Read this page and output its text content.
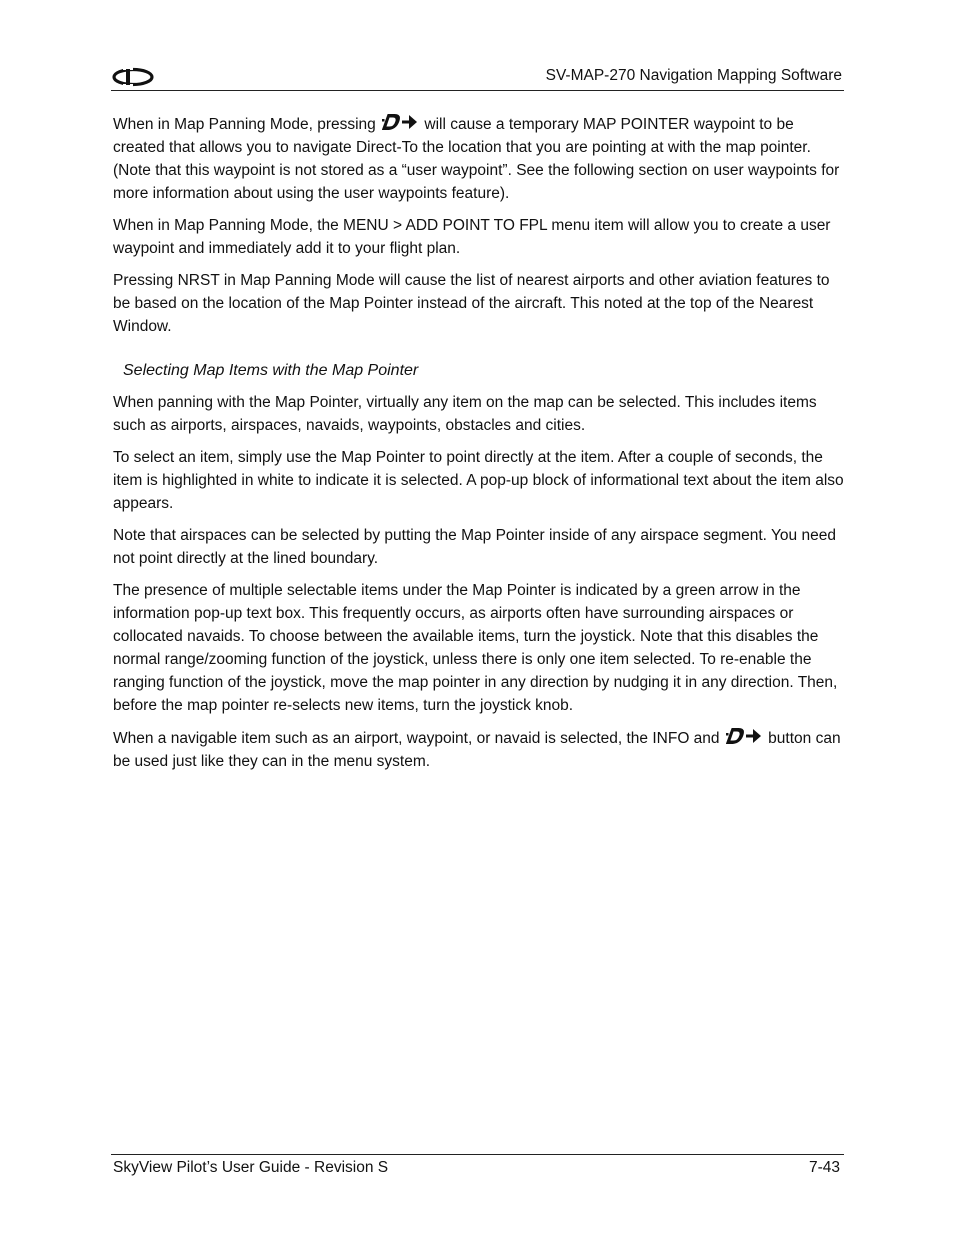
SV-MAP-270 Navigation Mapping Software

When in Map Panning Mode, pressing	will cause a temporary MAP POINTER waypoint to be created that allows you to navigate Direct-To the location that you are pointing at with the map pointer. (Note that this waypoint is not stored as a “user waypoint”. See the following section on user waypoints for more information about using the user waypoints feature).

When in Map Panning Mode, the MENU > ADD POINT TO FPL menu item will allow you to create a user waypoint and immediately add it to your flight plan.

Pressing NRST in Map Panning Mode will cause the list of nearest airports and other aviation features to be based on the location of the Map Pointer instead of the aircraft. This noted at the top of the Nearest Window.

Selecting Map Items with the Map Pointer

When panning with the Map Pointer, virtually any item on the map can be selected. This includes items such as airports, airspaces, navaids, waypoints, obstacles and cities.

To select an item, simply use the Map Pointer to point directly at the item. After a couple of seconds, the item is highlighted in white to indicate it is selected. A pop-up block of informational text about the item also appears.

Note that airspaces can be selected by putting the Map Pointer inside of any airspace segment. You need not point directly at the lined boundary.

The presence of multiple selectable items under the Map Pointer is indicated by a green arrow in the information pop-up text box. This frequently occurs, as airports often have surrounding airspaces or collocated navaids. To choose between the available items, turn the joystick. Note that this disables the normal range/zooming function of the joystick, unless there is only one item selected. To re-enable the ranging function of the joystick, move the map pointer in any direction by nudging it in any direction. Then, before the map pointer re-selects new items, turn the joystick knob.

When a navigable item such as an airport, waypoint, or navaid is selected, the INFO and	button can be used just like they can in the menu system.

SkyView Pilot’s User Guide - Revision S	7-43
